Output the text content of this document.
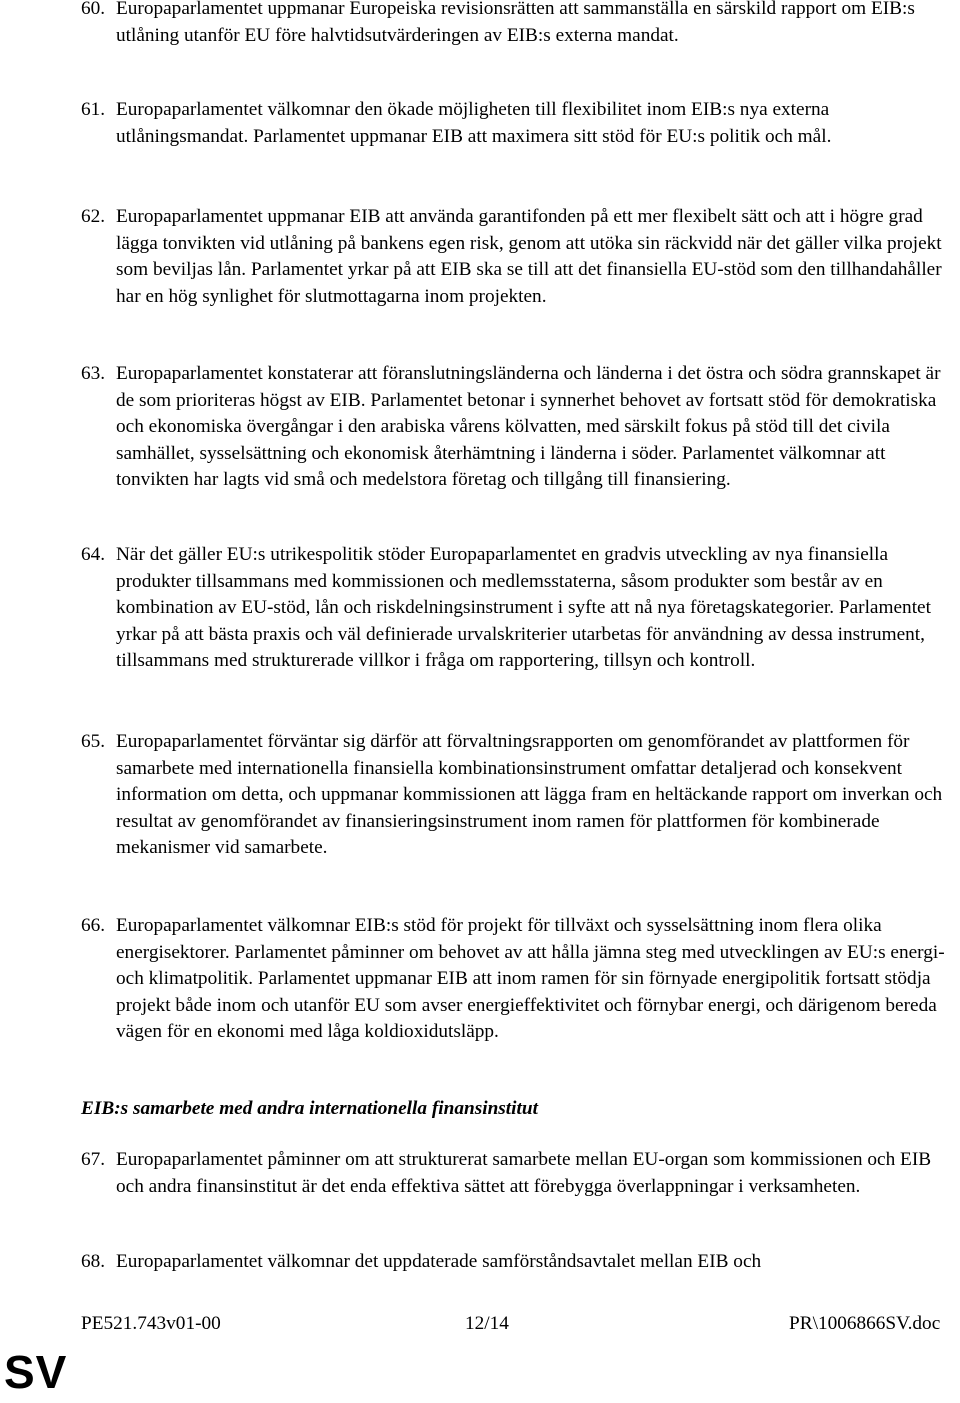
60. Europaparlamentet uppmanar Europeiska revisionsrätten att sammanställa en särskild rapport om EIB:s utlåning utanför EU före halvtidsutvärderingen av EIB:s externa mandat.
61. Europaparlamentet välkomnar den ökade möjligheten till flexibilitet inom EIB:s nya externa utlåningsmandat. Parlamentet uppmanar EIB att maximera sitt stöd för EU:s politik och mål.
62. Europaparlamentet uppmanar EIB att använda garantifonden på ett mer flexibelt sätt och att i högre grad lägga tonvikten vid utlåning på bankens egen risk, genom att utöka sin räckvidd när det gäller vilka projekt som beviljas lån. Parlamentet yrkar på att EIB ska se till att det finansiella EU-stöd som den tillhandahåller har en hög synlighet för slutmottagarna inom projekten.
63. Europaparlamentet konstaterar att föranslutningsländerna och länderna i det östra och södra grannskapet är de som prioriteras högst av EIB. Parlamentet betonar i synnerhet behovet av fortsatt stöd för demokratiska och ekonomiska övergångar i den arabiska vårens kölvatten, med särskilt fokus på stöd till det civila samhället, sysselsättning och ekonomisk återhämtning i länderna i söder. Parlamentet välkomnar att tonvikten har lagts vid små och medelstora företag och tillgång till finansiering.
64. När det gäller EU:s utrikespolitik stöder Europaparlamentet en gradvis utveckling av nya finansiella produkter tillsammans med kommissionen och medlemsstaterna, såsom produkter som består av en kombination av EU-stöd, lån och riskdelningsinstrument i syfte att nå nya företagskategorier. Parlamentet yrkar på att bästa praxis och väl definierade urvalskriterier utarbetas för användning av dessa instrument, tillsammans med strukturerade villkor i fråga om rapportering, tillsyn och kontroll.
65. Europaparlamentet förväntar sig därför att förvaltningsrapporten om genomförandet av plattformen för samarbete med internationella finansiella kombinationsinstrument omfattar detaljerad och konsekvent information om detta, och uppmanar kommissionen att lägga fram en heltäckande rapport om inverkan och resultat av genomförandet av finansieringsinstrument inom ramen för plattformen för kombinerade mekanismer vid samarbete.
66. Europaparlamentet välkomnar EIB:s stöd för projekt för tillväxt och sysselsättning inom flera olika energisektorer. Parlamentet påminner om behovet av att hålla jämna steg med utvecklingen av EU:s energi- och klimatpolitik. Parlamentet uppmanar EIB att inom ramen för sin förnyade energipolitik fortsatt stödja projekt både inom och utanför EU som avser energieffektivitet och förnybar energi, och därigenom bereda vägen för en ekonomi med låga koldioxidutsläpp.
EIB:s samarbete med andra internationella finansinstitut
67. Europaparlamentet påminner om att strukturerat samarbete mellan EU-organ som kommissionen och EIB och andra finansinstitut är det enda effektiva sättet att förebygga överlappningar i verksamheten.
68. Europaparlamentet välkomnar det uppdaterade samförståndsavtalet mellan EIB och
PE521.743v01-00	12/14	PR\1006866SV.doc
SV
